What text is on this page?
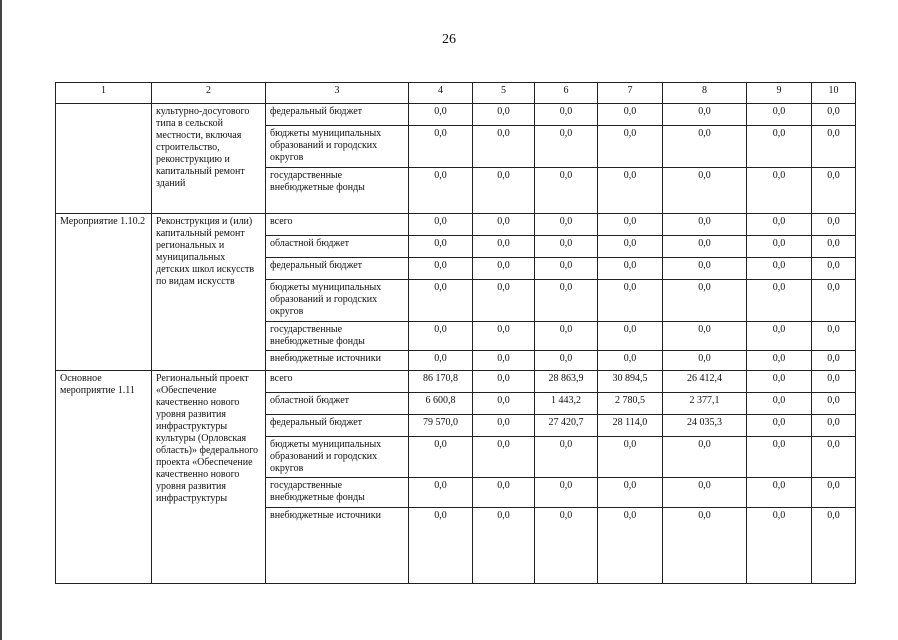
26
1	2	3	4	5	6	7	8	9	10
	культурно-досугового типа в сельской местности, включая строительство, реконструкцию и капитальный ремонт зданий	федеральный бюджет	0,0	0,0	0,0	0,0	0,0	0,0	0,0
		бюджеты муниципальных образований и городских округов	0,0	0,0	0,0	0,0	0,0	0,0	0,0
		государственные внебюджетные фонды	0,0	0,0	0,0	0,0	0,0	0,0	0,0
Мероприятие 1.10.2	Реконструкция и (или) капитальный ремонт региональных и муниципальных детских школ искусств по видам искусств	всего	0,0	0,0	0,0	0,0	0,0	0,0	0,0
		областной бюджет	0,0	0,0	0,0	0,0	0,0	0,0	0,0
		федеральный бюджет	0,0	0,0	0,0	0,0	0,0	0,0	0,0
		бюджеты муниципальных образований и городских округов	0,0	0,0	0,0	0,0	0,0	0,0	0,0
		государственные внебюджетные фонды	0,0	0,0	0,0	0,0	0,0	0,0	0,0
		внебюджетные источники	0,0	0,0	0,0	0,0	0,0	0,0	0,0
Основное мероприятие 1.11	Региональный проект «Обеспечение качественно нового уровня развития инфраструктуры культуры (Орловская область)» федерального проекта «Обеспечение качественно нового уровня развития инфраструктуры	всего	86 170,8	0,0	28 863,9	30 894,5	26 412,4	0,0	0,0
		областной бюджет	6 600,8	0,0	1 443,2	2 780,5	2 377,1	0,0	0,0
		федеральный бюджет	79 570,0	0,0	27 420,7	28 114,0	24 035,3	0,0	0,0
		бюджеты муниципальных образований и городских округов	0,0	0,0	0,0	0,0	0,0	0,0	0,0
		государственные внебюджетные фонды	0,0	0,0	0,0	0,0	0,0	0,0	0,0
		внебюджетные источники	0,0	0,0	0,0	0,0	0,0	0,0	0,0
